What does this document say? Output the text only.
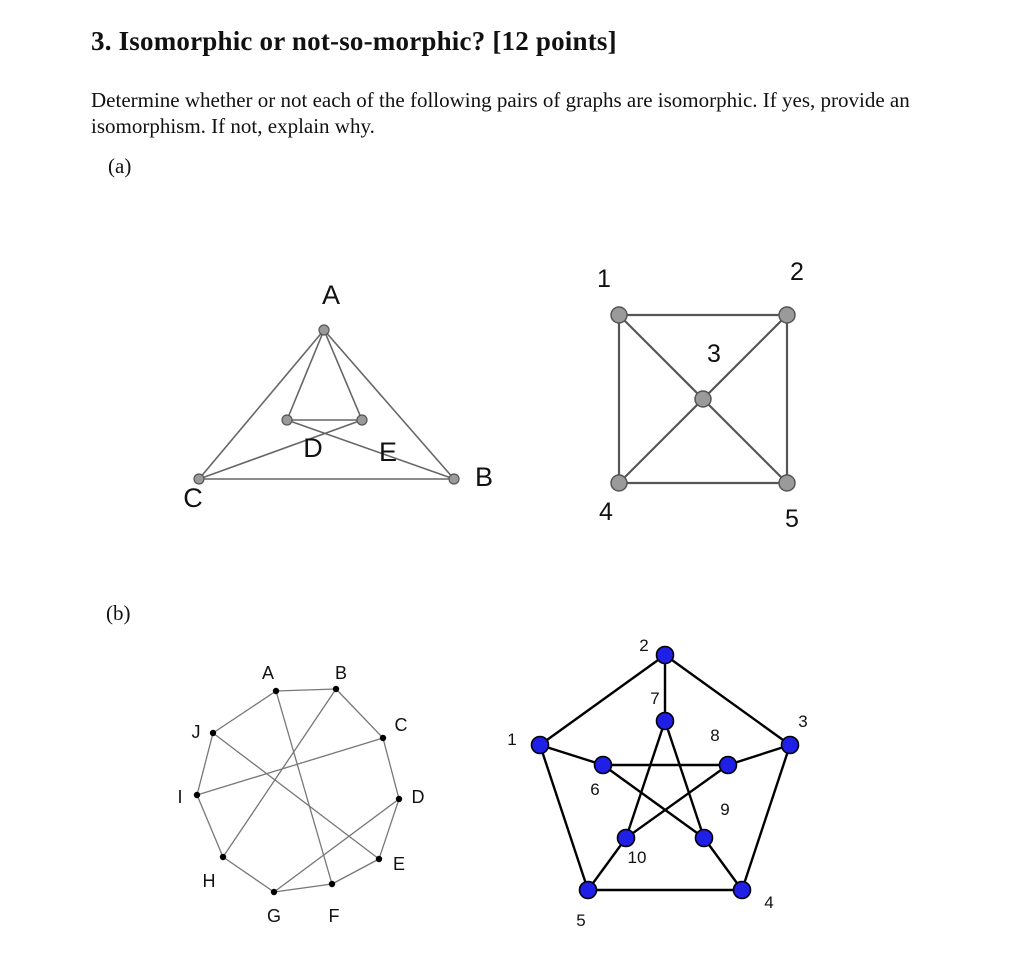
3. Isomorphic or not-so-morphic? [12 points]

Determine whether or not each of the following pairs of graphs are isomorphic. If yes, provide an isomorphism. If not, explain why.

(a)
A
B
C
D E
1	2
3
4	5
(b)
A	B
C
D
E
F
G
H
I
J	1
2
3
4
5
6
7
8
9
10
